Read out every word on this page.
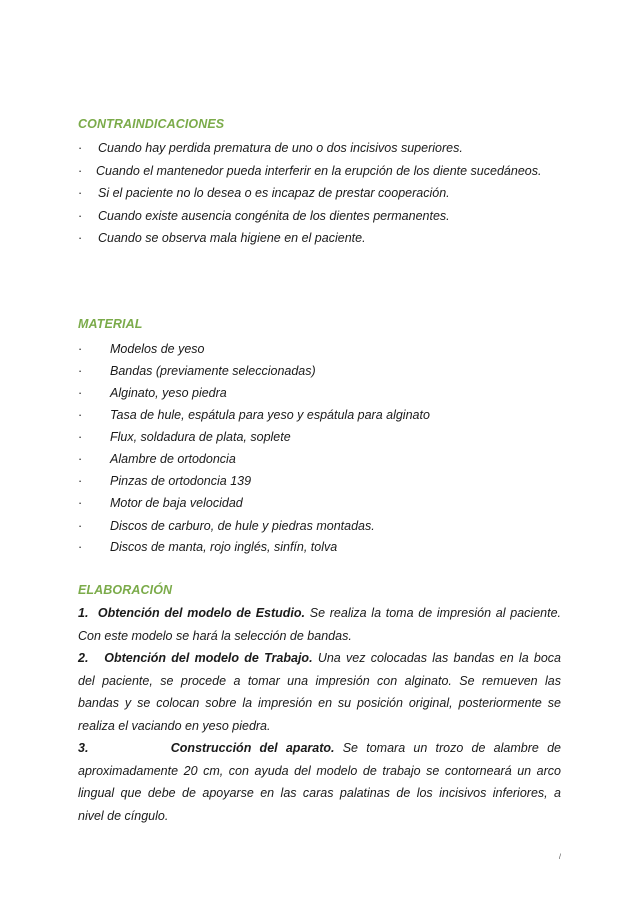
CONTRAINDICACIONES
· Cuando hay perdida prematura de uno o dos incisivos superiores.
· Cuando el mantenedor pueda interferir en la erupción de los diente sucedáneos.
· Si el paciente no lo desea o es incapaz de prestar cooperación.
· Cuando existe ausencia congénita de los dientes permanentes.
· Cuando se observa mala higiene en el paciente.
MATERIAL
· Modelos de yeso
· Bandas (previamente seleccionadas)
· Alginato, yeso piedra
· Tasa de hule, espátula para yeso y espátula para alginato
· Flux, soldadura de plata, soplete
· Alambre de ortodoncia
· Pinzas de ortodoncia 139
· Motor de baja velocidad
· Discos de carburo, de hule y piedras montadas.
· Discos de manta, rojo inglés, sinfín, tolva
ELABORACIÓN
1. Obtención del modelo de Estudio. Se realiza la toma de impresión al paciente.
Con este modelo se hará la selección de bandas.
2. Obtención del modelo de Trabajo. Una vez colocadas las bandas en la boca
del paciente, se procede a tomar una impresión con alginato. Se remueven las
bandas y se colocan sobre la impresión en su posición original, posteriormente se
realiza el vaciando en yeso piedra.
3.	Construcción del aparato. Se tomara un trozo de alambre de
aproximadamente 20 cm, con ayuda del modelo de trabajo se contorneará un arco
lingual que debe de apoyarse en las caras palatinas de los incisivos inferiores, a
nivel de cíngulo.
/
